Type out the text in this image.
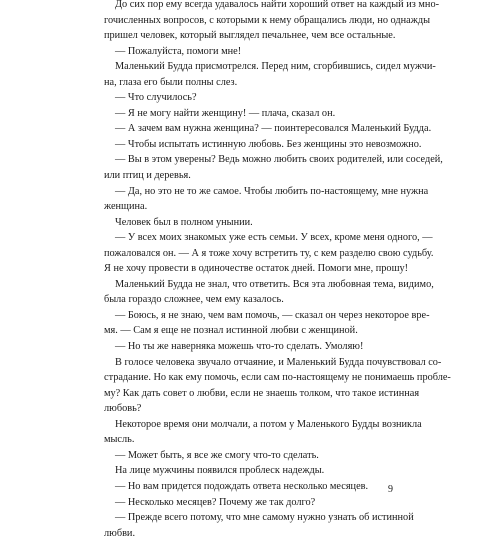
До сих пор ему всегда удавалось найти хороший ответ на каждый из мно-
гочисленных вопросов, с которыми к нему обращались люди, но однажды
пришел человек, который выглядел печальнее, чем все остальные.
— Пожалуйста, помоги мне!
Маленький Будда присмотрелся. Перед ним, сгорбившись, сидел мужчи-
на, глаза его были полны слез.
— Что случилось?
— Я не могу найти женщину! — плача, сказал он.
— А зачем вам нужна женщина? — поинтересовался Маленький Будда.
— Чтобы испытать истинную любовь. Без женщины это невозможно.
— Вы в этом уверены? Ведь можно любить своих родителей, или соседей,
или птиц и деревья.
— Да, но это не то же самое. Чтобы любить по-настоящему, мне нужна
женщина.
Человек был в полном унынии.
— У всех моих знакомых уже есть семьи. У всех, кроме меня одного, —
пожаловался он. — А я тоже хочу встретить ту, с кем разделю свою судьбу.
Я не хочу провести в одиночестве остаток дней. Помоги мне, прошу!
Маленький Будда не знал, что ответить. Вся эта любовная тема, видимо,
была гораздо сложнее, чем ему казалось.
— Боюсь, я не знаю, чем вам помочь, — сказал он через некоторое вре-
мя. — Сам я еще не познал истинной любви с женщиной.
— Но ты же наверняка можешь что-то сделать. Умоляю!
В голосе человека звучало отчаяние, и Маленький Будда почувствовал со-
страдание. Но как ему помочь, если сам по-настоящему не понимаешь пробле-
му? Как дать совет о любви, если не знаешь толком, что такое истинная
любовь?
Некоторое время они молчали, а потом у Маленького Будды возникла
мысль.
— Может быть, я все же смогу что-то сделать.
На лице мужчины появился проблеск надежды.
— Но вам придется подождать ответа несколько месяцев.
— Несколько месяцев? Почему же так долго?
— Прежде всего потому, что мне самому нужно узнать об истинной
любви.
9
